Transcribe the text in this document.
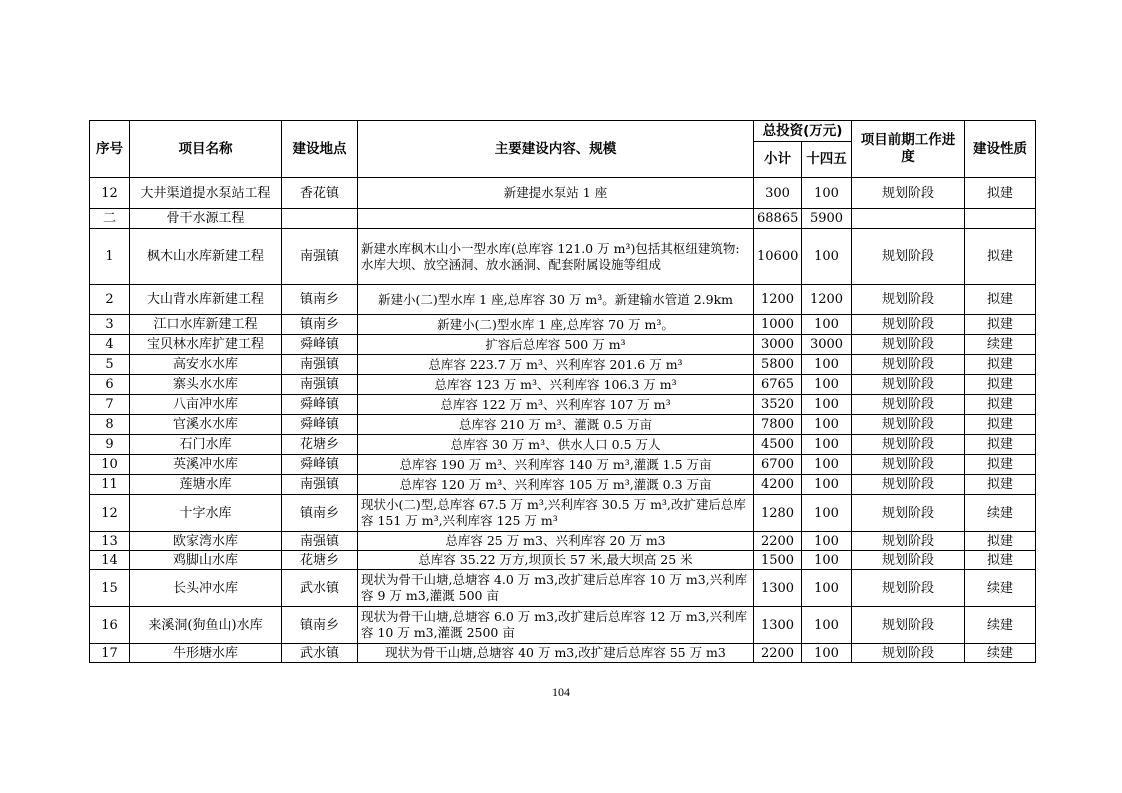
序号	项目名称	建设地点	主要建设内容、规模	总投资(万元)		项目前期工作进度	建设性质
				小计	十四五		
12	大井渠道提水泵站工程	香花镇	新建提水泵站 1 座	300	100	规划阶段	拟建
二	骨干水源工程			68865	5900		
1	枫木山水库新建工程	南强镇	新建水库枫木山小一型水库(总库容 121.0 万 m³)包括其枢纽建筑物:水库大坝、放空涵洞、放水涵洞、配套附属设施等组成	10600	100	规划阶段	拟建
2	大山背水库新建工程	镇南乡	新建小(二)型水库 1 座,总库容 30 万 m³。新建输水管道 2.9km	1200	1200	规划阶段	拟建
3	江口水库新建工程	镇南乡	新建小(二)型水库 1 座,总库容 70 万 m³。	1000	100	规划阶段	拟建
4	宝贝林水库扩建工程	舜峰镇	扩容后总库容 500 万 m³	3000	3000	规划阶段	续建
5	高安水水库	南强镇	总库容 223.7 万 m³、兴利库容 201.6 万 m³	5800	100	规划阶段	拟建
6	寨头水水库	南强镇	总库容 123 万 m³、兴利库容 106.3 万 m³	6765	100	规划阶段	拟建
7	八亩冲水库	舜峰镇	总库容 122 万 m³、兴利库容 107 万 m³	3520	100	规划阶段	拟建
8	官溪水水库	舜峰镇	总库容 210 万 m³、灌溉 0.5 万亩	7800	100	规划阶段	拟建
9	石门水库	花塘乡	总库容 30 万 m³、供水人口 0.5 万人	4500	100	规划阶段	拟建
10	英溪冲水库	舜峰镇	总库容 190 万 m³、兴利库容 140 万 m³,灌溉 1.5 万亩	6700	100	规划阶段	拟建
11	莲塘水库	南强镇	总库容 120 万 m³、兴利库容 105 万 m³,灌溉 0.3 万亩	4200	100	规划阶段	拟建
12	十字水库	镇南乡	现状小(二)型,总库容 67.5 万 m³,兴利库容 30.5 万 m³,改扩建后总库容 151 万 m³,兴利库容 125 万 m³	1280	100	规划阶段	续建
13	欧家湾水库	南强镇	总库容 25 万 m3、兴利库容 20 万 m3	2200	100	规划阶段	拟建
14	鸡脚山水库	花塘乡	总库容 35.22 万方,坝顶长 57 米,最大坝高 25 米	1500	100	规划阶段	拟建
15	长头冲水库	武水镇	现状为骨干山塘,总塘容 4.0 万 m3,改扩建后总库容 10 万 m3,兴利库容 9 万 m3,灌溉 500 亩	1300	100	规划阶段	续建
16	来溪洞(狗鱼山)水库	镇南乡	现状为骨干山塘,总塘容 6.0 万 m3,改扩建后总库容 12 万 m3,兴利库容 10 万 m3,灌溉 2500 亩	1300	100	规划阶段	续建
17	牛形塘水库	武水镇	现状为骨干山塘,总塘容 40 万 m3,改扩建后总库容 55 万 m3	2200	100	规划阶段	续建
104
